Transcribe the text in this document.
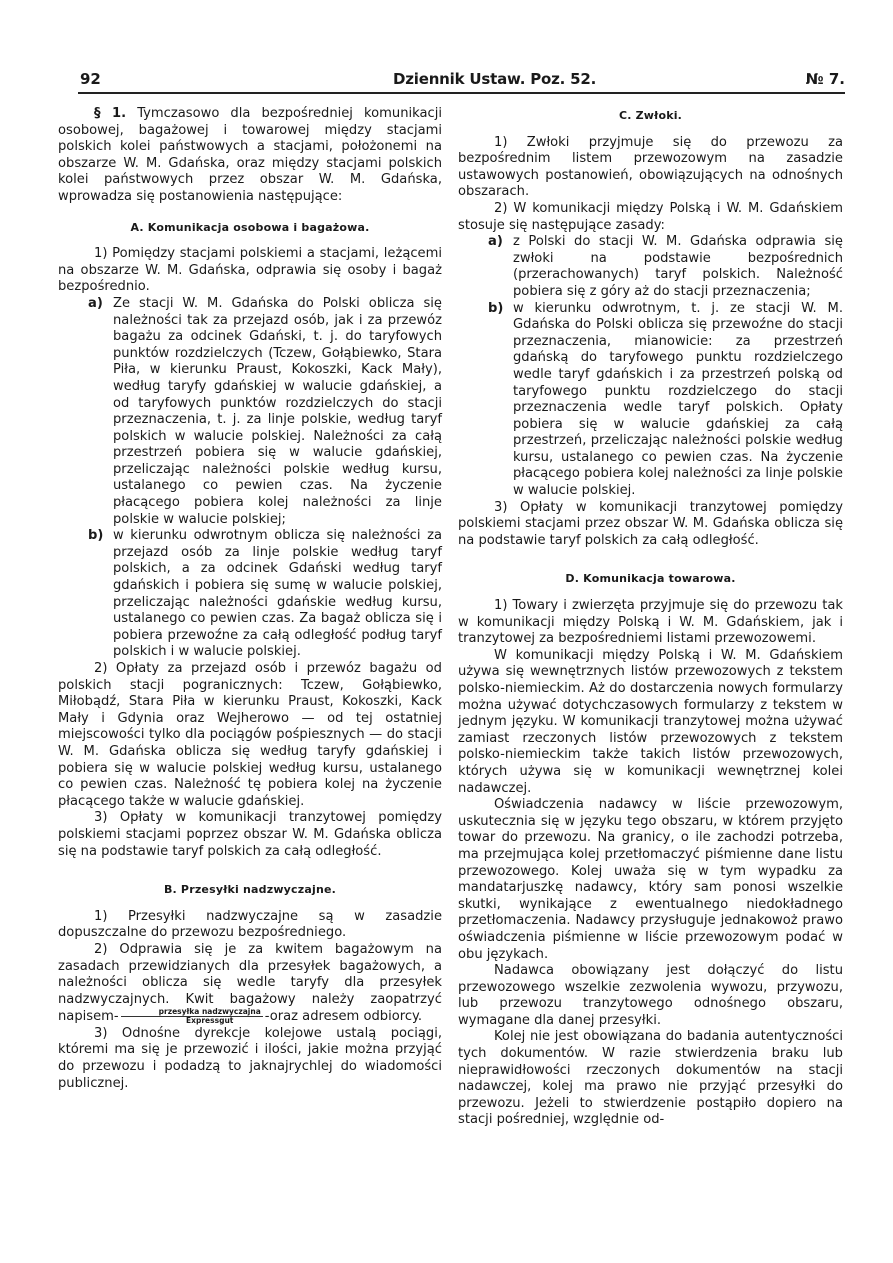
92	Dziennik Ustaw. Poz. 52.	№ 7.

§ 1. Tymczasowo dla bezpośredniej komunikacji osobowej, bagażowej i towarowej między stacjami polskich kolei państwowych a stacjami, położonemi na obszarze W. M. Gdańska, oraz między stacjami polskich kolei państwowych przez obszar W. M. Gdańska, wprowadza się postanowienia następujące:

A. Komunikacja osobowa i bagażowa.

1) Pomiędzy stacjami polskiemi a stacjami, leżącemi na obszarze W. M. Gdańska, odprawia się osoby i bagaż bezpośrednio.

a) Ze stacji W. M. Gdańska do Polski oblicza się należności tak za przejazd osób, jak i za przewóz bagażu za odcinek Gdański, t. j. do taryfowych punktów rozdzielczych (Tczew, Gołąbiewko, Stara Piła, w kierunku Praust, Kokoszki, Kack Mały), według taryfy gdańskiej w walucie gdańskiej, a od taryfowych punktów rozdzielczych do stacji przeznaczenia, t. j. za linje polskie, według taryf polskich w walucie polskiej. Należności za całą przestrzeń pobiera się w walucie gdańskiej, przeliczając należności polskie według kursu, ustalanego co pewien czas. Na życzenie płacącego pobiera kolej należności za linje polskie w walucie polskiej;
b) w kierunku odwrotnym oblicza się należności za przejazd osób za linje polskie według taryf polskich, a za odcinek Gdański według taryf gdańskich i pobiera się sumę w walucie polskiej, przeliczając należności gdańskie według kursu, ustalanego co pewien czas. Za bagaż oblicza się i pobiera przewoźne za całą odległość podług taryf polskich i w walucie polskiej.

2) Opłaty za przejazd osób i przewóz bagażu od polskich stacji pogranicznych: Tczew, Gołąbiewko, Miłobądź, Stara Piła w kierunku Praust, Kokoszki, Kack Mały i Gdynia oraz Wejherowo — od tej ostatniej miejscowości tylko dla pociągów pośpiesznych — do stacji W. M. Gdańska oblicza się według taryfy gdańskiej i pobiera się w walucie polskiej według kursu, ustalanego co pewien czas. Należność tę pobiera kolej na życzenie płacącego także w walucie gdańskiej.

3) Opłaty w komunikacji tranzytowej pomiędzy polskiemi stacjami poprzez obszar W. M. Gdańska oblicza się na podstawie taryf polskich za całą odległość.

B. Przesyłki nadzwyczajne.

1) Przesyłki nadzwyczajne są w zasadzie dopuszczalne do przewozu bezpośredniego.

2) Odprawia się je za kwitem bagażowym na zasadach przewidzianych dla przesyłek bagażowych, a należności oblicza się wedle taryfy dla przesyłek nadzwyczajnych. Kwit bagażowy należy zaopatrzyć napisem- $\frac{\text{przesyłka nadzwyczajna}}{\text{Expressgut}}$ -oraz adresem odbiorcy.

3) Odnośne dyrekcje kolejowe ustalą pociągi, któremi ma się je przewozić i ilości, jakie można przyjąć do przewozu i podadzą to jaknajrychlej do wiadomości publicznej.

C. Zwłoki.

1) Zwłoki przyjmuje się do przewozu za bezpośrednim listem przewozowym na zasadzie ustawowych postanowień, obowiązujących na odnośnych obszarach.

2) W komunikacji między Polską i W. M. Gdańskiem stosuje się następujące zasady:

a) z Polski do stacji W. M. Gdańska odprawia się zwłoki na podstawie bezpośrednich (przerachowanych) taryf polskich. Należność pobiera się z góry aż do stacji przeznaczenia;
b) w kierunku odwrotnym, t. j. ze stacji W. M. Gdańska do Polski oblicza się przewoźne do stacji przeznaczenia, mianowicie: za przestrzeń gdańską do taryfowego punktu rozdzielczego wedle taryf gdańskich i za przestrzeń polską od taryfowego punktu rozdzielczego do stacji przeznaczenia wedle taryf polskich. Opłaty pobiera się w walucie gdańskiej za całą przestrzeń, przeliczając należności polskie według kursu, ustalanego co pewien czas. Na życzenie płacącego pobiera kolej należności za linje polskie w walucie polskiej.

3) Opłaty w komunikacji tranzytowej pomiędzy polskiemi stacjami przez obszar W. M. Gdańska oblicza się na podstawie taryf polskich za całą odległość.

D. Komunikacja towarowa.

1) Towary i zwierzęta przyjmuje się do przewozu tak w komunikacji między Polską i W. M. Gdańskiem, jak i tranzytowej za bezpośredniemi listami przewozowemi.

W komunikacji między Polską i W. M. Gdańskiem używa się wewnętrznych listów przewozowych z tekstem polsko-niemieckim. Aż do dostarczenia nowych formularzy można używać dotychczasowych formularzy z tekstem w jednym języku. W komunikacji tranzytowej można używać zamiast rzeczonych listów przewozowych z tekstem polsko-niemieckim także takich listów przewozowych, których używa się w komunikacji wewnętrznej kolei nadawczej.

Oświadczenia nadawcy w liście przewozowym, uskutecznia się w języku tego obszaru, w którem przyjęto towar do przewozu. Na granicy, o ile zachodzi potrzeba, ma przejmująca kolej przetłomaczyć piśmienne dane listu przewozowego. Kolej uważa się w tym wypadku za mandatarjuszkę nadawcy, który sam ponosi wszelkie skutki, wynikające z ewentualnego niedokładnego przetłomaczenia. Nadawcy przysługuje jednakowoż prawo oświadczenia piśmienne w liście przewozowym podać w obu językach.

Nadawca obowiązany jest dołączyć do listu przewozowego wszelkie zezwolenia wywozu, przywozu, lub przewozu tranzytowego odnośnego obszaru, wymagane dla danej przesyłki.

Kolej nie jest obowiązana do badania autentyczności tych dokumentów. W razie stwierdzenia braku lub nieprawidłowości rzeczonych dokumentów na stacji nadawczej, kolej ma prawo nie przyjąć przesyłki do przewozu. Jeżeli to stwierdzenie postąpiło dopiero na stacji pośredniej, względnie od-
